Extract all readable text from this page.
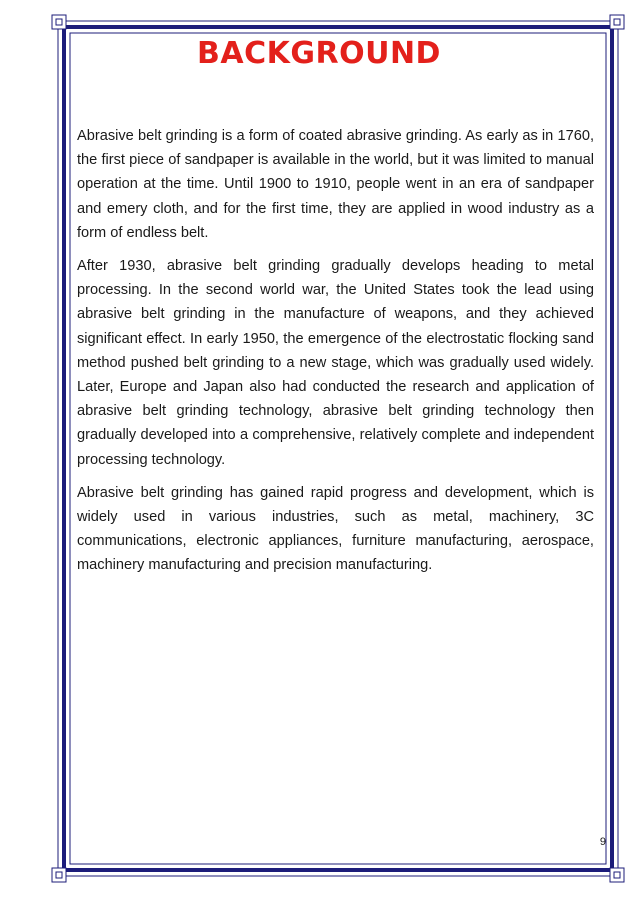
BACKGROUND

Abrasive belt grinding is a form of coated abrasive grinding. As early as in 1760, the first piece of sandpaper is available in the world, but it was limited to manual operation at the time. Until 1900 to 1910, people went in an era of sandpaper and emery cloth, and for the first time, they are applied in wood industry as a form of endless belt.

After 1930, abrasive belt grinding gradually develops heading to metal processing. In the second world war, the United States took the lead using abrasive belt grinding in the manufacture of weapons, and they achieved significant effect. In early 1950, the emergence of the electrostatic flocking sand method pushed belt grinding to a new stage, which was gradually used widely. Later, Europe and Japan also had conducted the research and application of abrasive belt grinding technology, abrasive belt grinding technology then gradually developed into a comprehensive, relatively complete and independent processing technology.

Abrasive belt grinding has gained rapid progress and development, which is widely used in various industries, such as metal, machinery, 3C communications, electronic appliances, furniture manufacturing, aerospace, machinery manufacturing and precision manufacturing.

9
